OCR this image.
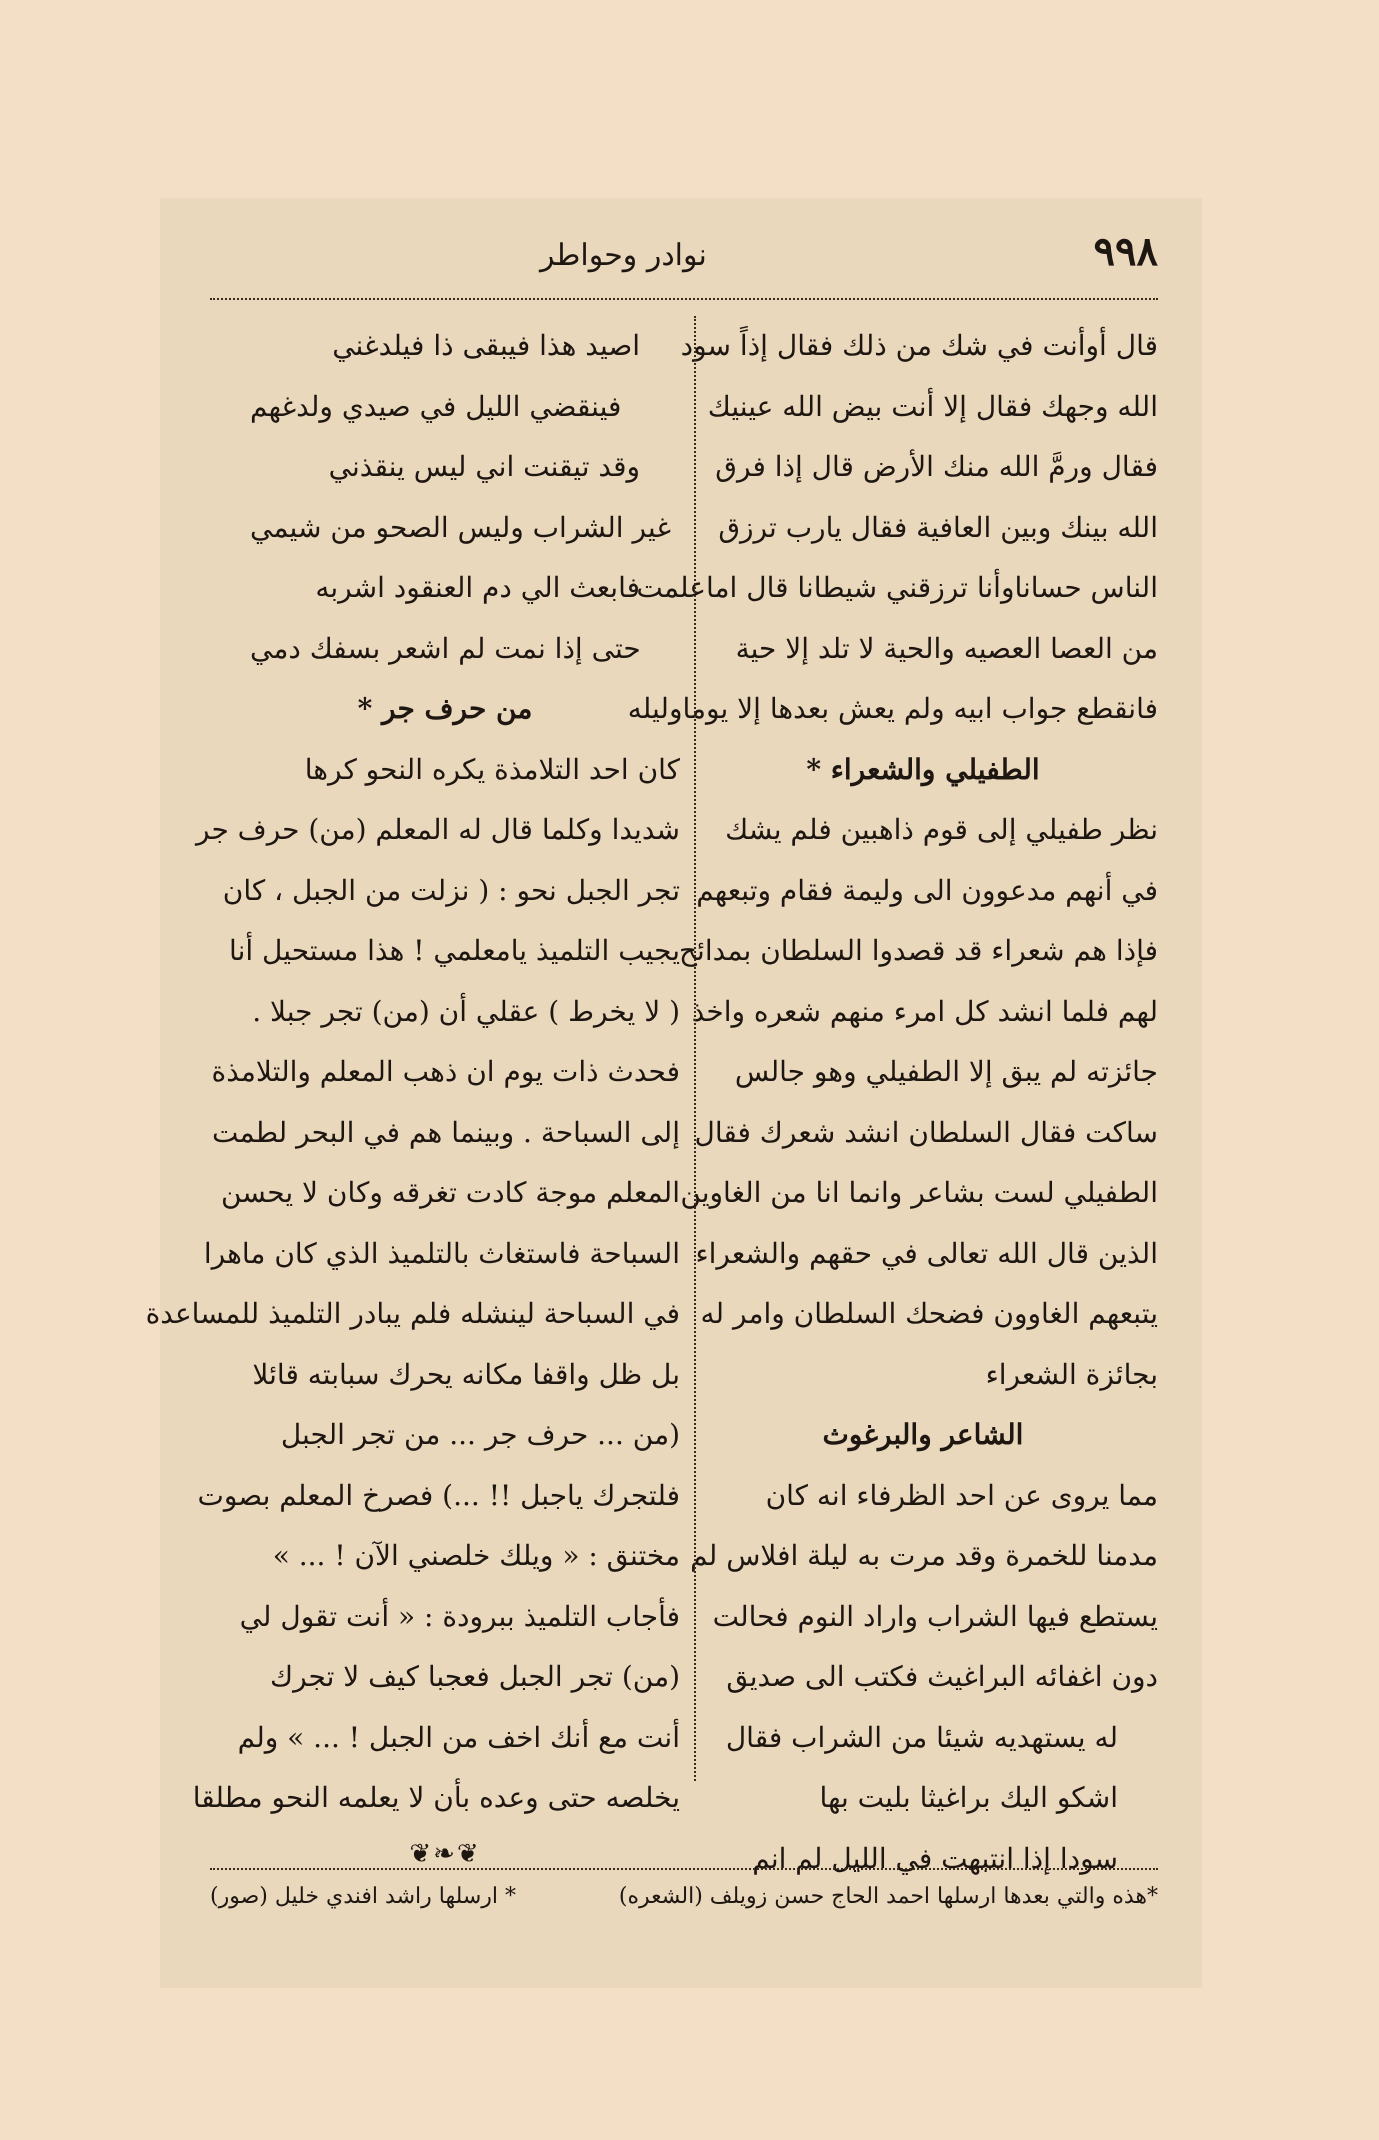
٩٩٨
نوادر وحواطر
قال أوأنت في شك من ذلك فقال إذاً سود
الله وجهك فقال إلا أنت بيض الله عينيك
فقال ورمَّ الله منك الأرض قال إذا فرق
الله بينك وبين العافية فقال يارب ترزق
الناس حساناوأنا ترزقني شيطانا قال اماعلمت
من العصا العصيه والحية لا تلد إلا حية
فانقطع جواب ابيه ولم يعش بعدها إلا يوماوليله
الطفيلي والشعراء *
نظر طفيلي إلى قوم ذاهبين فلم يشك
في أنهم مدعوون الى وليمة فقام وتبعهم
فإذا هم شعراء قد قصدوا السلطان بمدائح
لهم فلما انشد كل امرء منهم شعره واخذ
جائزته لم يبق إلا الطفيلي وهو جالس
ساكت فقال السلطان انشد شعرك فقال
الطفيلي لست بشاعر وانما انا من الغاوين
الذين قال الله تعالى في حقهم والشعراء
يتبعهم الغاوون فضحك السلطان وامر له
بجائزة الشعراء
الشاعر والبرغوث
مما يروى عن احد الظرفاء انه كان
مدمنا للخمرة وقد مرت به ليلة افلاس لم
يستطع فيها الشراب واراد النوم فحالت
دون اغفائه البراغيث فكتب الى صديق
له يستهديه شيئا من الشراب فقال
اشكو اليك براغيثا بليت بها
سودا إذا انتبهت في الليل لم انم
اصيد هذا فيبقى ذا فيلدغني
فينقضي الليل في صيدي ولدغهم
وقد تيقنت اني ليس ينقذني
غير الشراب وليس الصحو من شيمي
فابعث الي دم العنقود اشربه
حتى إذا نمت لم اشعر بسفك دمي
من حرف جر *
كان احد التلامذة يكره النحو كرها
شديدا وكلما قال له المعلم (من) حرف جر
تجر الجبل نحو : ( نزلت من الجبل ، كان
يجيب التلميذ يامعلمي ! هذا مستحيل أنا
( لا يخرط ) عقلي أن (من) تجر جبلا .
فحدث ذات يوم ان ذهب المعلم والتلامذة
إلى السباحة . وبينما هم في البحر لطمت
المعلم موجة كادت تغرقه وكان لا يحسن
السباحة فاستغاث بالتلميذ الذي كان ماهرا
في السباحة لينشله فلم يبادر التلميذ للمساعدة
بل ظل واقفا مكانه يحرك سبابته قائلا
(من ... حرف جر ... من تجر الجبل
فلتجرك ياجبل !! ...) فصرخ المعلم بصوت
مختنق : « ويلك خلصني الآن ! ... »
فأجاب التلميذ ببرودة : « أنت تقول لي
(من) تجر الجبل فعجبا كيف لا تجرك
أنت مع أنك اخف من الجبل ! ... » ولم
يخلصه حتى وعده بأن لا يعلمه النحو مطلقا
❦❧❦
*هذه والتي بعدها ارسلها احمد الحاج حسن زويلف (الشعره)
* ارسلها راشد افندي خليل (صور)
